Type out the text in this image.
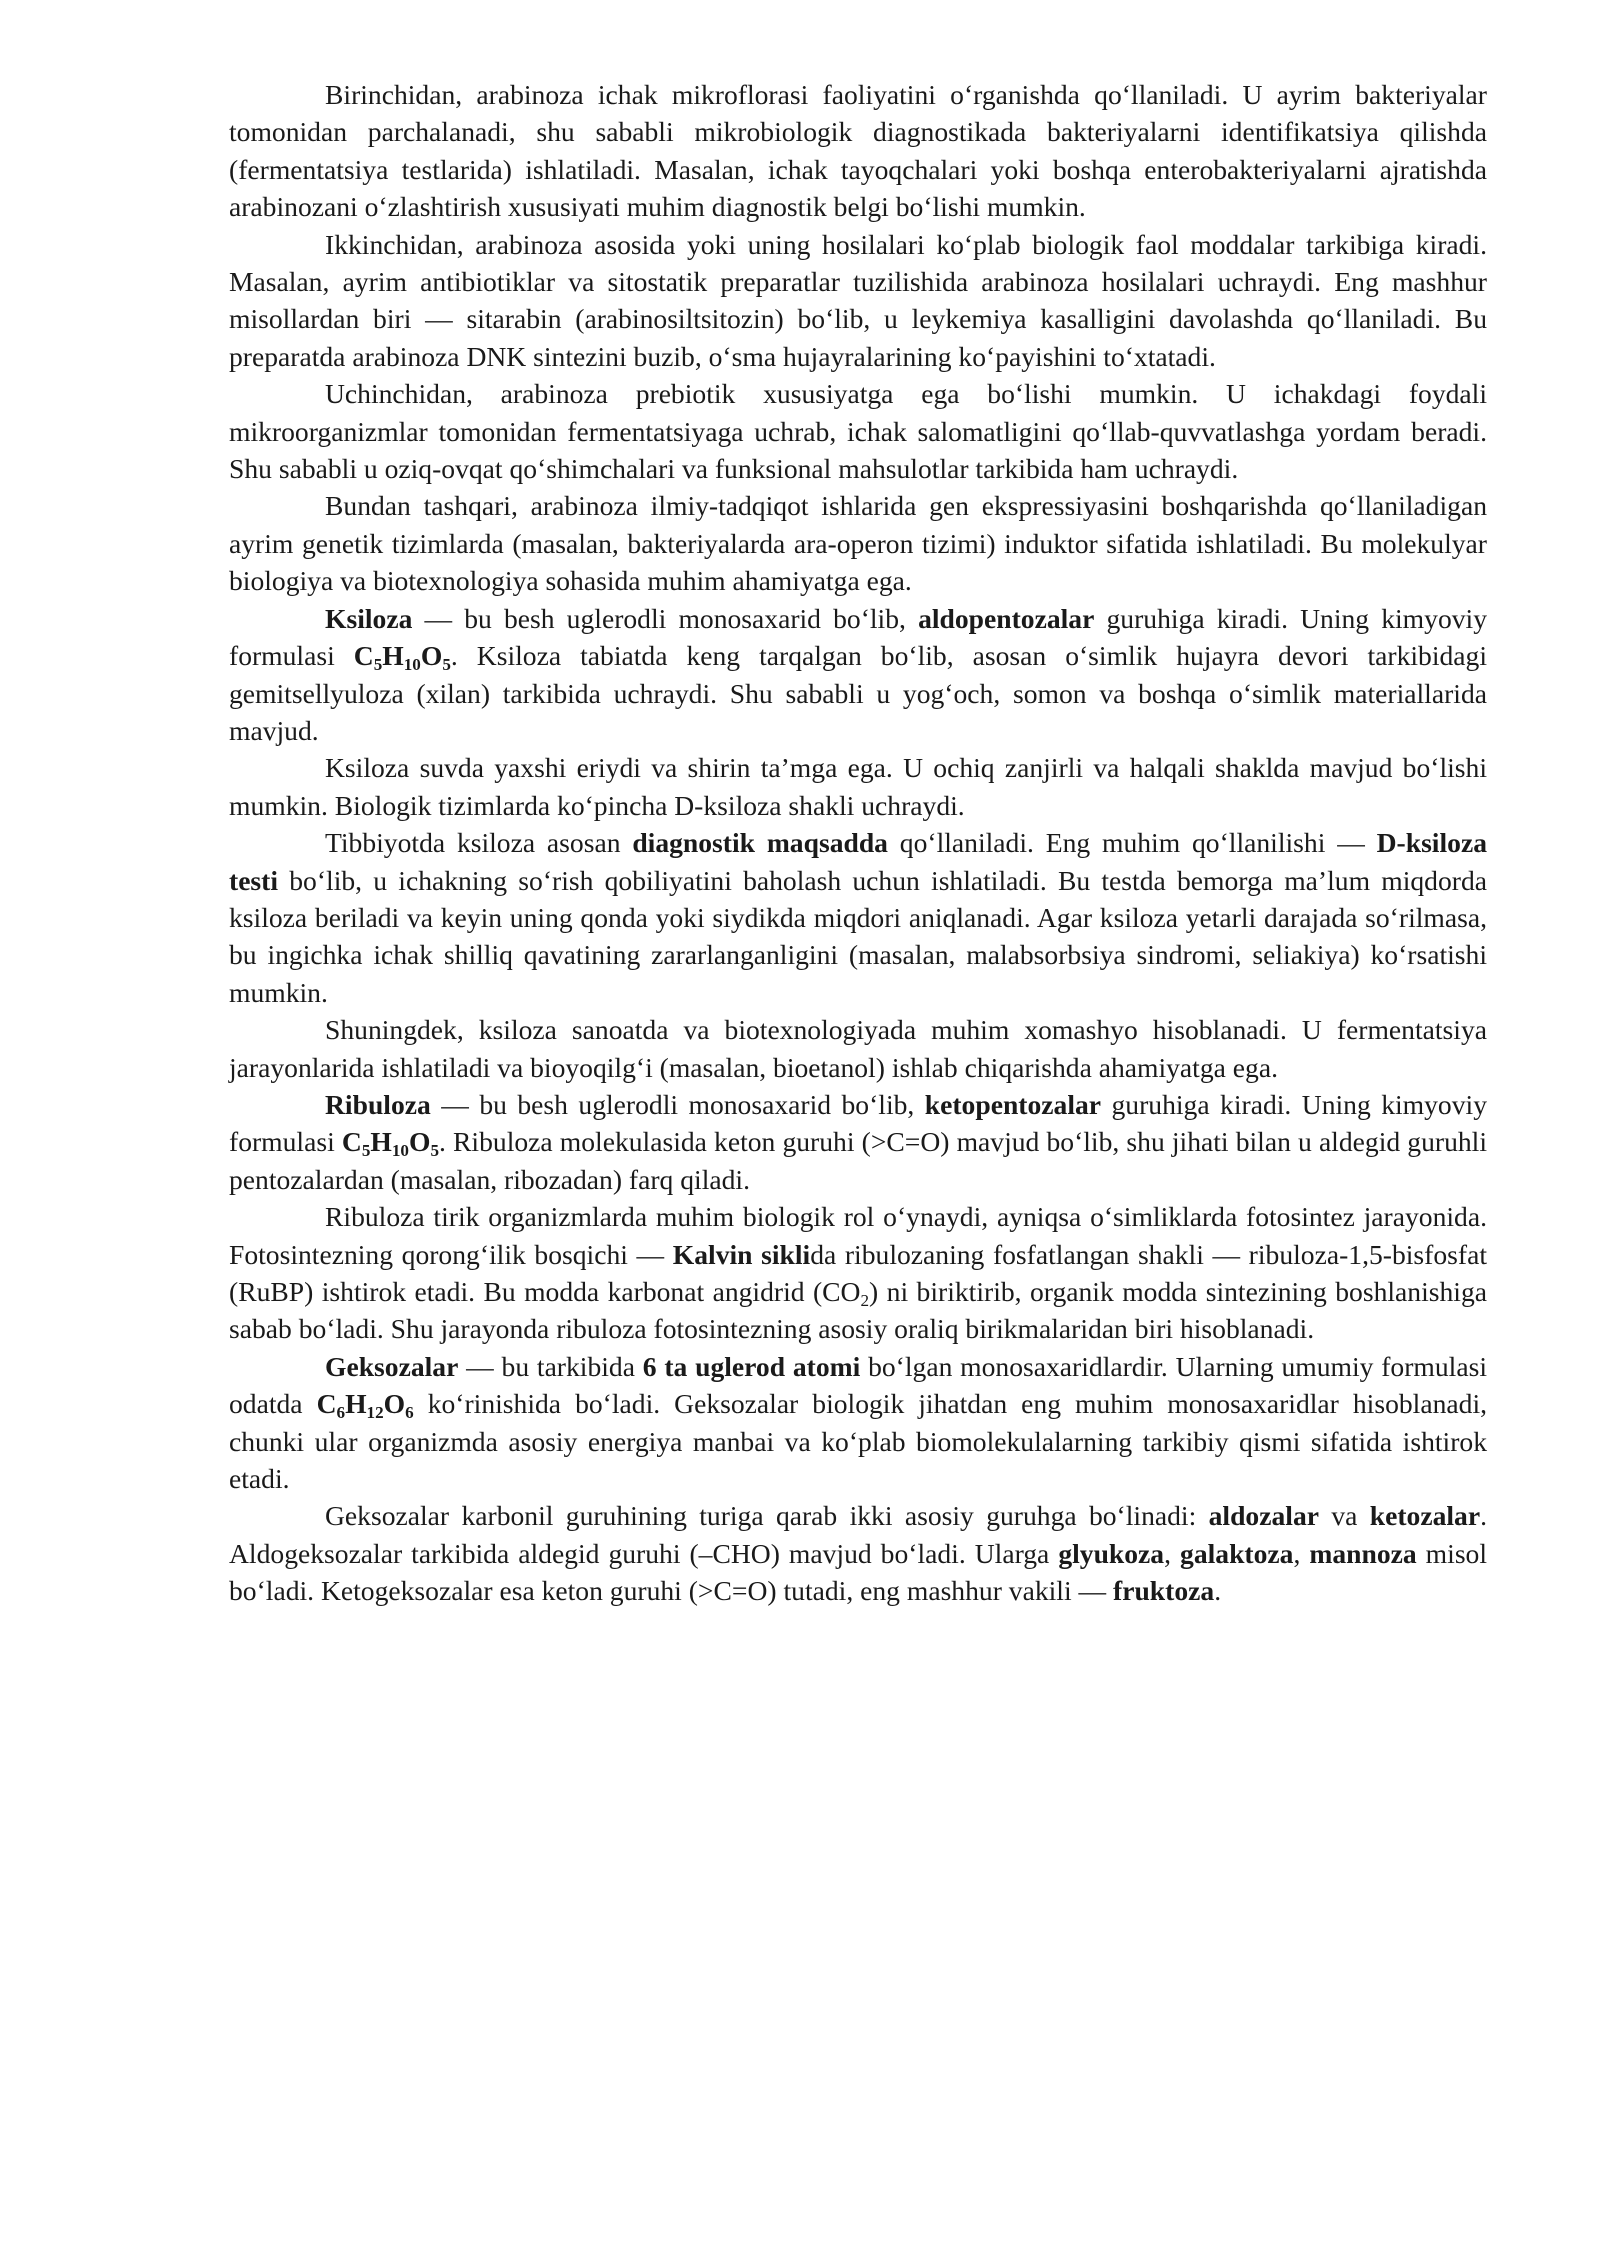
Birinchidan, arabinoza ichak mikroflorasi faoliyatini o‘rganishda qo‘llaniladi. U ayrim bakteriyalar tomonidan parchalanadi, shu sababli mikrobiologik diagnostikada bakteriyalarni identifikatsiya qilishda (fermentatsiya testlarida) ishlatiladi. Masalan, ichak tayoqchalari yoki boshqa enterobakteriyalarni ajratishda arabinozani o‘zlashtirish xususiyati muhim diagnostik belgi bo‘lishi mumkin.

Ikkinchidan, arabinoza asosida yoki uning hosilalari ko‘plab biologik faol moddalar tarkibiga kiradi. Masalan, ayrim antibiotiklar va sitostatik preparatlar tuzilishida arabinoza hosilalari uchraydi. Eng mashhur misollardan biri — sitarabin (arabinosiltsitozin) bo‘lib, u leykemiya kasalligini davolashda qo‘llaniladi. Bu preparatda arabinoza DNK sintezini buzib, o‘sma hujayralarining ko‘payishini to‘xtatadi.

Uchinchidan, arabinoza prebiotik xususiyatga ega bo‘lishi mumkin. U ichakdagi foydali mikroorganizmlar tomonidan fermentatsiyaga uchrab, ichak salomatligini qo‘llab-quvvatlashga yordam beradi. Shu sababli u oziq-ovqat qo‘shimchalari va funksional mahsulotlar tarkibida ham uchraydi.

Bundan tashqari, arabinoza ilmiy-tadqiqot ishlarida gen ekspressiyasini boshqarishda qo‘llaniladigan ayrim genetik tizimlarda (masalan, bakteriyalarda ara-operon tizimi) induktor sifatida ishlatiladi. Bu molekulyar biologiya va biotexnologiya sohasida muhim ahamiyatga ega.

Ksiloza — bu besh uglerodli monosaxarid bo‘lib, aldopentozalar guruhiga kiradi. Uning kimyoviy formulasi $C_5H_{10}O_5$. Ksiloza tabiatda keng tarqalgan bo‘lib, asosan o‘simlik hujayra devori tarkibidagi gemitsellyuloza (xilan) tarkibida uchraydi. Shu sababli u yog‘och, somon va boshqa o‘simlik materiallarida mavjud.

Ksiloza suvda yaxshi eriydi va shirin ta’mga ega. U ochiq zanjirli va halqali shaklda mavjud bo‘lishi mumkin. Biologik tizimlarda ko‘pincha D-ksiloza shakli uchraydi.

Tibbiyotda ksiloza asosan diagnostik maqsadda qo‘llaniladi. Eng muhim qo‘llanilishi — D-ksiloza testi bo‘lib, u ichakning so‘rish qobiliyatini baholash uchun ishlatiladi. Bu testda bemorga ma’lum miqdorda ksiloza beriladi va keyin uning qonda yoki siydikda miqdori aniqlanadi. Agar ksiloza yetarli darajada so‘rilmasa, bu ingichka ichak shilliq qavatining zararlanganligini (masalan, malabsorbsiya sindromi, seliakiya) ko‘rsatishi mumkin.

Shuningdek, ksiloza sanoatda va biotexnologiyada muhim xomashyo hisoblanadi. U fermentatsiya jarayonlarida ishlatiladi va bioyoqilg‘i (masalan, bioetanol) ishlab chiqarishda ahamiyatga ega.

Ribuloza — bu besh uglerodli monosaxarid bo‘lib, ketopentozalar guruhiga kiradi. Uning kimyoviy formulasi $C_5H_{10}O_5$. Ribuloza molekulasida keton guruhi (>C=O) mavjud bo‘lib, shu jihati bilan u aldegid guruhli pentozalardan (masalan, ribozadan) farq qiladi.

Ribuloza tirik organizmlarda muhim biologik rol o‘ynaydi, ayniqsa o‘simliklarda fotosintez jarayonida. Fotosintezning qorong‘ilik bosqichi — Kalvin siklida ribulozaning fosfatlangan shakli — ribuloza-1,5-bisfosfat (RuBP) ishtirok etadi. Bu modda karbonat angidrid $(CO_2)$ ni biriktirib, organik modda sintezining boshlanishiga sabab bo‘ladi. Shu jarayonda ribuloza fotosintezning asosiy oraliq birikmalaridan biri hisoblanadi.

Geksozalar — bu tarkibida 6 ta uglerod atomi bo‘lgan monosaxaridlardir. Ularning umumiy formulasi odatda $C_6H_{12}O_6$ ko‘rinishida bo‘ladi. Geksozalar biologik jihatdan eng muhim monosaxaridlar hisoblanadi, chunki ular organizmda asosiy energiya manbai va ko‘plab biomolekulalarning tarkibiy qismi sifatida ishtirok etadi.

Geksozalar karbonil guruhining turiga qarab ikki asosiy guruhga bo‘linadi: aldozalar va ketozalar. Aldogeksozalar tarkibida aldegid guruhi (–CHO) mavjud bo‘ladi. Ularga glyukoza, galaktoza, mannoza misol bo‘ladi. Ketogeksozalar esa keton guruhi (>C=O) tutadi, eng mashhur vakili — fruktoza.
